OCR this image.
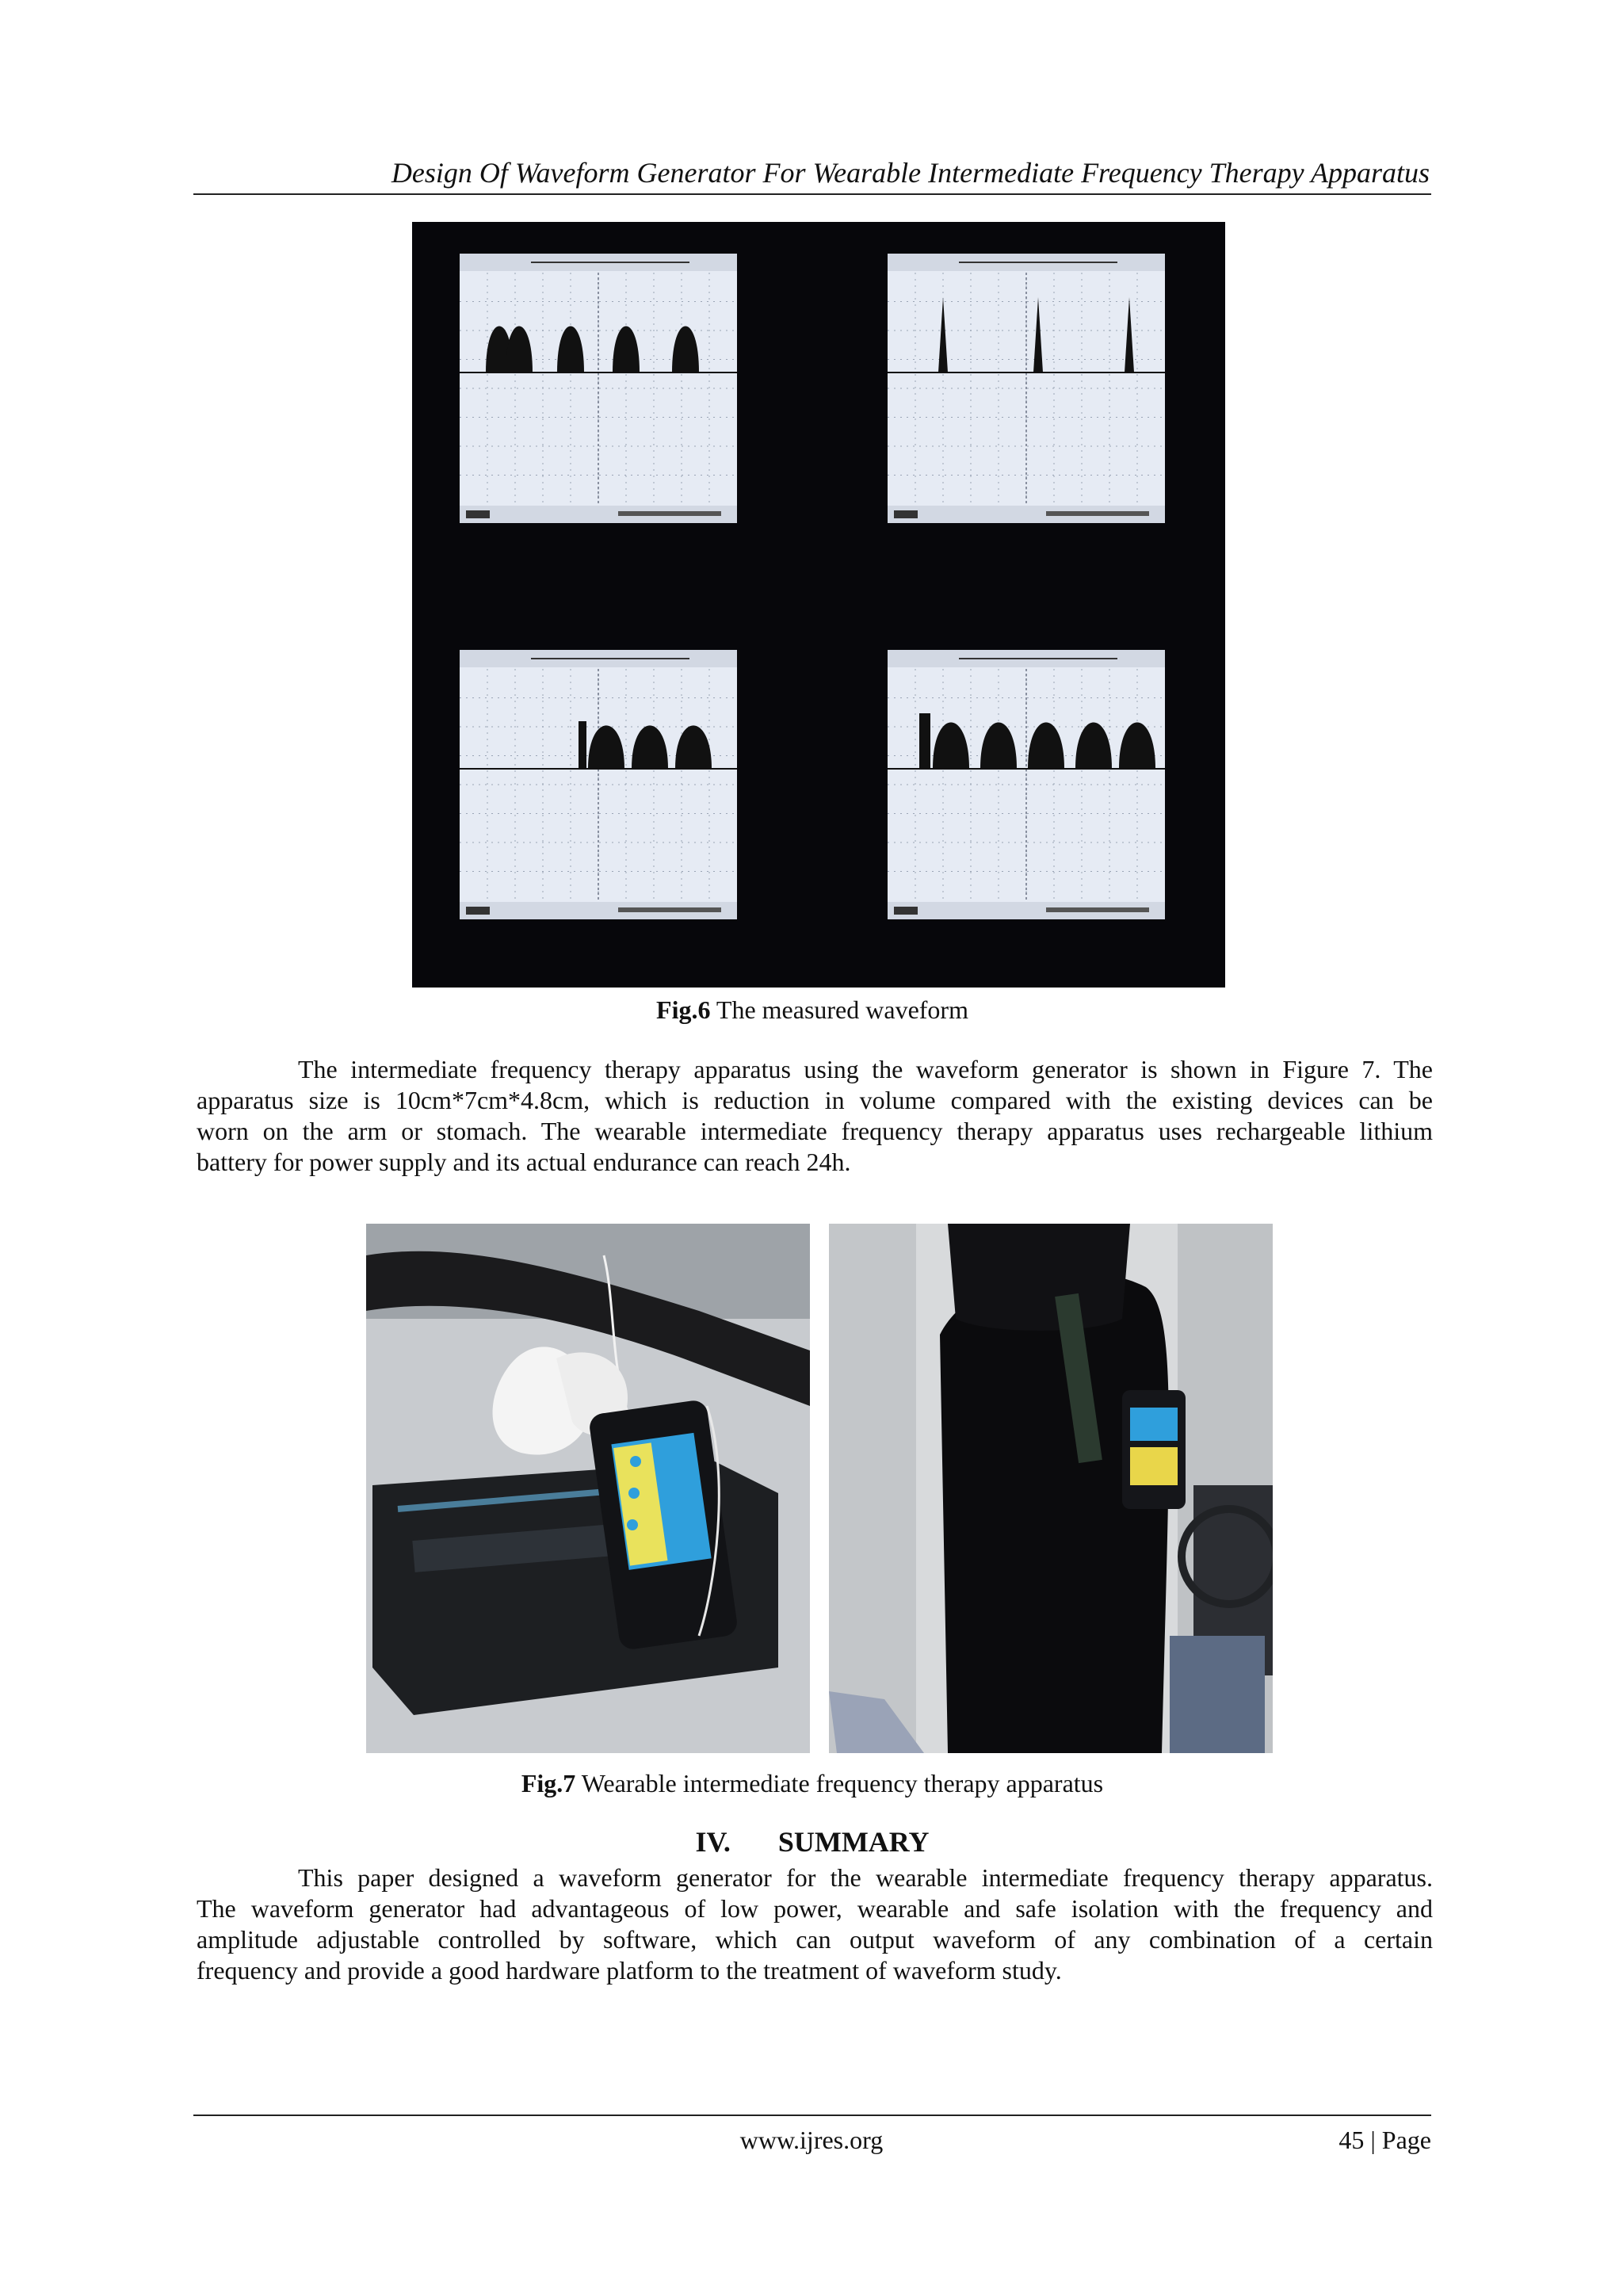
Design Of Waveform Generator For Wearable Intermediate Frequency Therapy Apparatus
Fig.6 The measured waveform
The intermediate frequency therapy apparatus using the waveform generator is shown in Figure 7. The
apparatus size is 10cm*7cm*4.8cm, which is reduction in volume compared with the existing devices can be
worn on the arm or stomach. The wearable intermediate frequency therapy apparatus uses rechargeable lithium
battery for power supply and its actual endurance can reach 24h.
Fig.7 Wearable intermediate frequency therapy apparatus
IV. SUMMARY
This paper designed a waveform generator for the wearable intermediate frequency therapy apparatus.
The waveform generator had advantageous of low power, wearable and safe isolation with the frequency and
amplitude adjustable controlled by software, which can output waveform of any combination of a certain
frequency and provide a good hardware platform to the treatment of waveform study.
www.ijres.org	45 | Page
